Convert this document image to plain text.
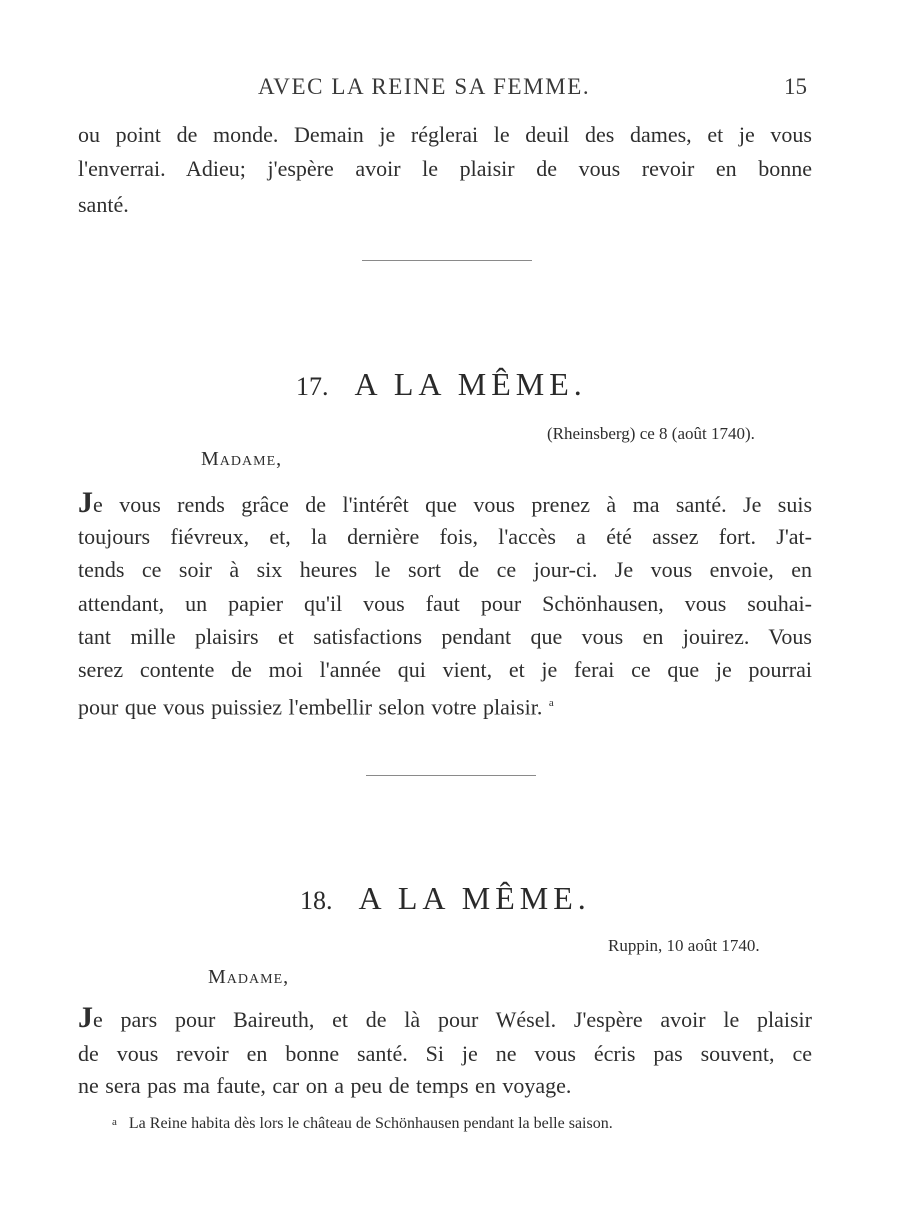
AVEC LA REINE SA FEMME.	15
ou point de monde. Demain je réglerai le deuil des dames, et je vous
l'enverrai. Adieu; j'espère avoir le plaisir de vous revoir en bonne
santé.
17. A LA MÊME.
(Rheinsberg) ce 8 (août 1740).
Madame,
Je vous rends grâce de l'intérêt que vous prenez à ma santé. Je suis
toujours fiévreux, et, la dernière fois, l'accès a été assez fort. J'at-
tends ce soir à six heures le sort de ce jour-ci. Je vous envoie, en
attendant, un papier qu'il vous faut pour Schönhausen, vous souhai-
tant mille plaisirs et satisfactions pendant que vous en jouirez. Vous
serez contente de moi l'année qui vient, et je ferai ce que je pourrai
pour que vous puissiez l'embellir selon votre plaisir. $^a$
18. A LA MÊME.
Ruppin, 10 août 1740.
Madame,
Je pars pour Baireuth, et de là pour Wésel. J'espère avoir le plaisir
de vous revoir en bonne santé. Si je ne vous écris pas souvent, ce
ne sera pas ma faute, car on a peu de temps en voyage.
a La Reine habita dès lors le château de Schönhausen pendant la belle saison.
